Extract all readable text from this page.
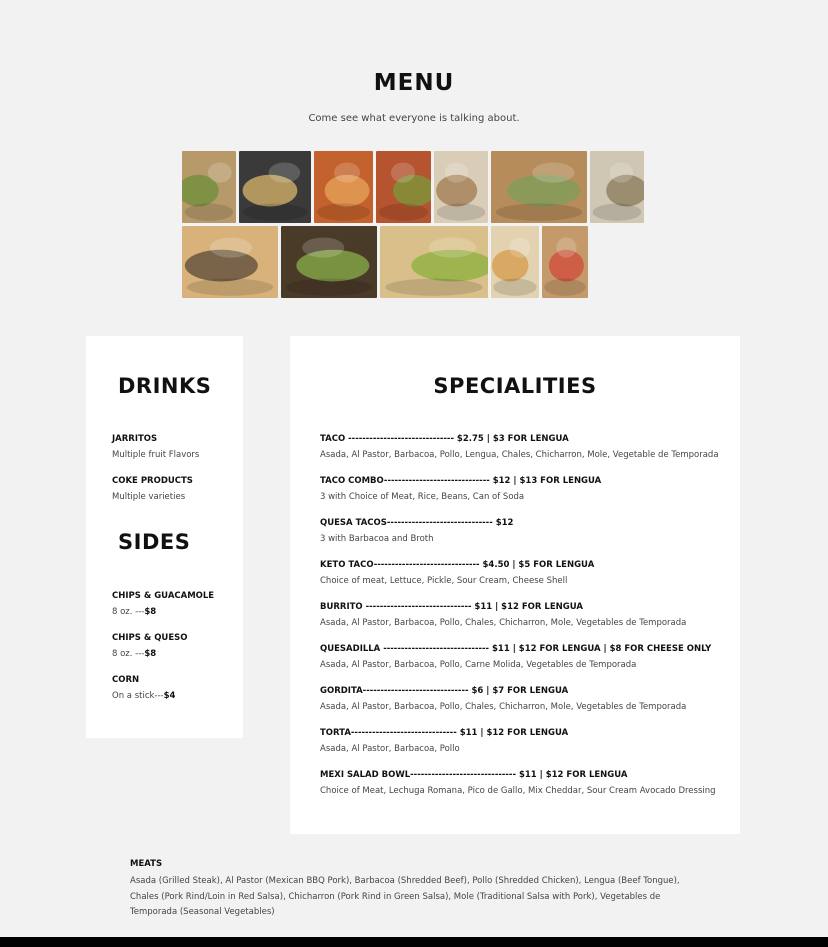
MENU
Come see what everyone is talking about.
DRINKS
JARRITOS
Multiple fruit Flavors
COKE PRODUCTS
Multiple varieties
SIDES
CHIPS & GUACAMOLE
8 oz. ---$8
CHIPS & QUESO
8 oz. ---$8
CORN
On a stick---$4
SPECIALITIES
TACO ------------------------------ $2.75 | $3 FOR LENGUA
Asada, Al Pastor, Barbacoa, Pollo, Lengua, Chales, Chicharron, Mole, Vegetable de Temporada
TACO COMBO------------------------------ $12 | $13 FOR LENGUA
3 with Choice of Meat, Rice, Beans, Can of Soda
QUESA TACOS------------------------------ $12
3 with Barbacoa and Broth
KETO TACO------------------------------ $4.50 | $5 FOR LENGUA
Choice of meat, Lettuce, Pickle, Sour Cream, Cheese Shell
BURRITO ------------------------------ $11 | $12 FOR LENGUA
Asada, Al Pastor, Barbacoa, Pollo, Chales, Chicharron, Mole, Vegetables de Temporada
QUESADILLA ------------------------------ $11 | $12 FOR LENGUA | $8 FOR CHEESE ONLY
Asada, Al Pastor, Barbacoa, Pollo, Carne Molida, Vegetables de Temporada
GORDITA------------------------------ $6 | $7 FOR LENGUA
Asada, Al Pastor, Barbacoa, Pollo, Chales, Chicharron, Mole, Vegetables de Temporada
TORTA------------------------------ $11 | $12 FOR LENGUA
Asada, Al Pastor, Barbacoa, Pollo
MEXI SALAD BOWL------------------------------ $11 | $12 FOR LENGUA
Choice of Meat, Lechuga Romana, Pico de Gallo, Mix Cheddar, Sour Cream Avocado Dressing
MEATS
Asada (Grilled Steak), Al Pastor (Mexican BBQ Pork), Barbacoa (Shredded Beef), Pollo (Shredded Chicken), Lengua (Beef Tongue), Chales (Pork Rind/Loin in Red Salsa), Chicharron (Pork Rind in Green Salsa), Mole (Traditional Salsa with Pork), Vegetables de Temporada (Seasonal Vegetables)
